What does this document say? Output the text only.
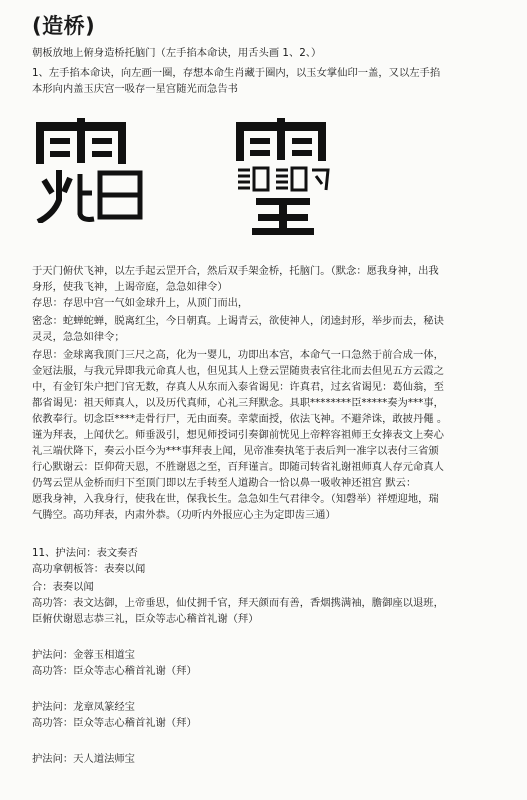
(造桥)
朝板放地上俯身造桥托脑门（左手掐本命诀，用舌头画 1、2、）
1、左手掐本命诀，向左画一圈，存想本命生肖藏于圈内，以玉女掌仙印一盖，又以左手掐
本形向内盖玉庆宫一吸存一星宫随光而急告书
于天门俯伏飞神，以左手起云罡开合，然后双手架金桥，托脑门。（默念：愿我身神，出我
身形，使我飞神，上谒帝庭，急急如律令）
存思：存思中宫一气如金球升上，从顶门而出，
密念：蛇蝉蛇蝉，脱离红尘，今日朝真。上谒青云，欲使神人，闭逵封形，举步而去，秘诀
灵灵，急急如律令；
存思：金球离我顶门三尺之高，化为一婴儿，功即出本宫，本命气一口急然于前合成一体，
金冠法服，与我元异即我元命真人也，但见其人上登云罡随贵表官往北而去但见五方云霞之
中，有金钉朱户把门官无数，存真人从东而入泰省谒见：许真君，过玄省谒见：葛仙翁，至
都省谒见：祖天师真人，以及历代真师，心礼三拜默念。具职********臣*****奏为***事，
依教奉行。切念臣****走骨行尸，无由面奏。幸蒙面授，依法飞神。不避斧诛，敢披丹僶 。
谨为拜表，上闻伏乞。师垂汲引，想见师授词引奏御前恍见上帝粹容祖师王女捧表文上奏心
礼三端伏降下，奏云小臣今为***事拜表上闻，见帝准奏执笔于表后判一准字以表付三省颁
行心默谢云：臣仰荷天恩，不胜谢恩之至，百拜谨言。即随司转省礼谢祖师真人存元命真人
仍驾云罡从金桥而归下至顶门即以左手转至人道勘合一恰以鼻一吸收神还祖宫 默云：
愿我身神，入我身行，使我在世，保我长生。急急如生气君律令。（知磬举）祥煙迎地，瑞
气腾空。高功拜表，内肃外恭。（功听内外报应心主为定即齿三通）
11、护法问：表文奏否
高功拿朝板答：表奏以闻
合：表奏以闻
高功答：表文达御，上帝垂思，仙仗拥千官，拜天颜而有善，香烟携满袖，膽御座以退班，
臣俯伏谢恩志恭三礼，臣众等志心稽首礼谢（拜）
护法问：金蓉玉相道宝
高功答：臣众等志心稽首礼谢（拜）
护法问：龙章凤篆经宝
高功答：臣众等志心稽首礼谢（拜）
护法问：天人道法师宝
